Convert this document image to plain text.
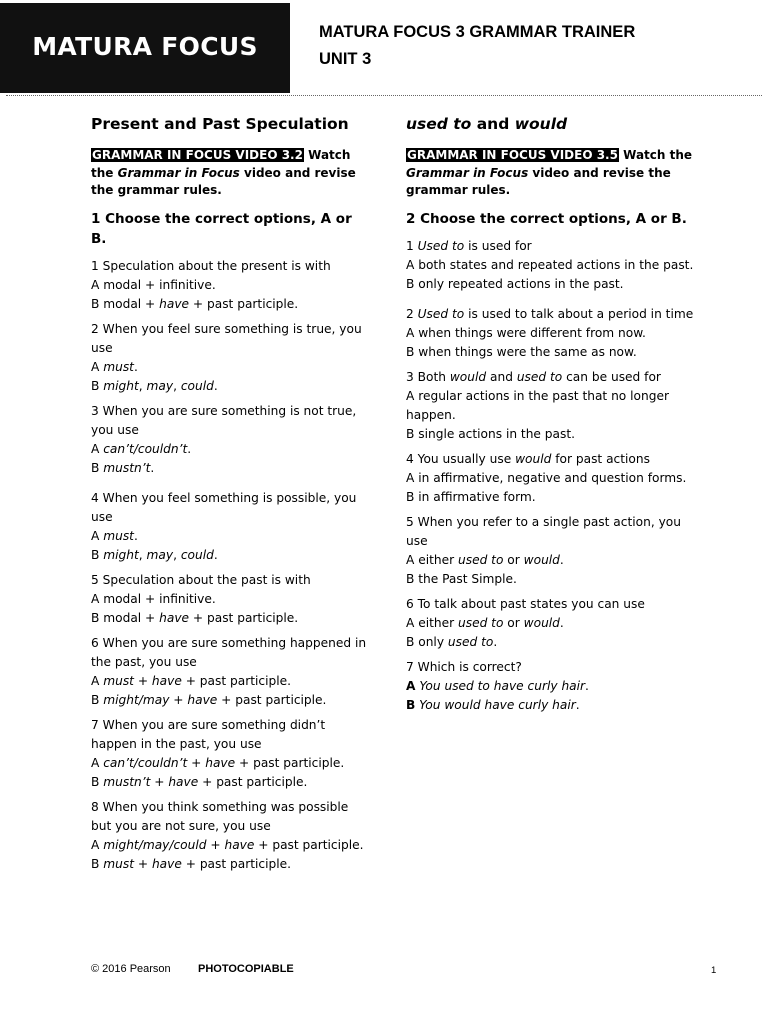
MATURA FOCUS	MATURA FOCUS 3 GRAMMAR TRAINER
UNIT 3
Present and Past Speculation
GRAMMAR IN FOCUS VIDEO 3.2 Watch the Grammar in Focus video and revise the grammar rules.
1 Choose the correct options, A or B.
1 Speculation about the present is with
A modal + infinitive.
B modal + have + past participle.
2 When you feel sure something is true, you use
A must.
B might, may, could.
3 When you are sure something is not true, you use
A can’t/couldn’t.
B mustn’t.
4 When you feel something is possible, you use
A must.
B might, may, could.
5 Speculation about the past is with
A modal + infinitive.
B modal + have + past participle.
6 When you are sure something happened in the past, you use
A must + have + past participle.
B might/may + have + past participle.
7 When you are sure something didn’t happen in the past, you use
A can’t/couldn’t + have + past participle.
B mustn’t + have + past participle.
8 When you think something was possible but you are not sure, you use
A might/may/could + have + past participle.
B must + have + past participle.
used to and would
GRAMMAR IN FOCUS VIDEO 3.5 Watch the Grammar in Focus video and revise the grammar rules.
2 Choose the correct options, A or B.
1 Used to is used for
A both states and repeated actions in the past.
B only repeated actions in the past.
2 Used to is used to talk about a period in time
A when things were different from now.
B when things were the same as now.
3 Both would and used to can be used for
A regular actions in the past that no longer happen.
B single actions in the past.
4 You usually use would for past actions
A in affirmative, negative and question forms.
B in affirmative form.
5 When you refer to a single past action, you use
A either used to or would.
B the Past Simple.
6 To talk about past states you can use
A either used to or would.
B only used to.
7 Which is correct?
A You used to have curly hair.
B You would have curly hair.
© 2016 Pearson PHOTOCOPIABLE	1
